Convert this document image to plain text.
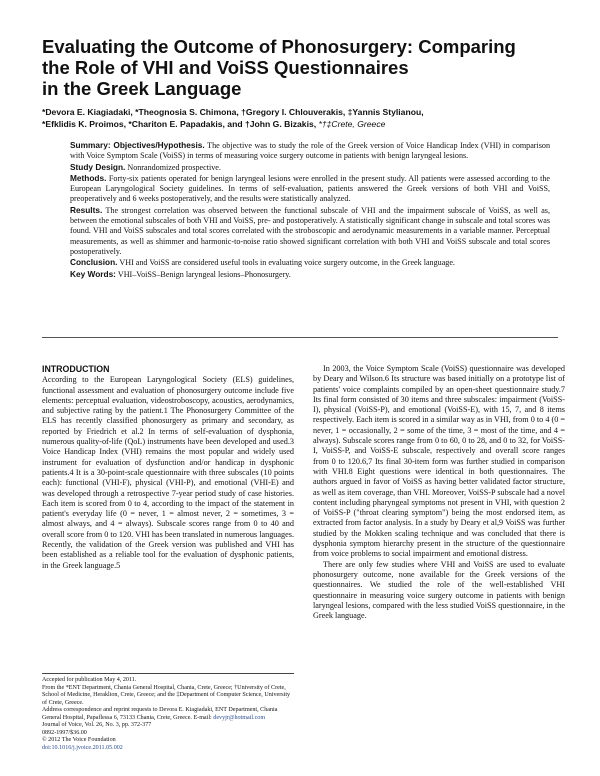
Evaluating the Outcome of Phonosurgery: Comparing
the Role of VHI and VoiSS Questionnaires
in the Greek Language
*Devora E. Kiagiadaki, *Theognosia S. Chimona, †Gregory I. Chlouverakis, ‡Yannis Stylianou,
*Efklidis K. Proimos, *Chariton E. Papadakis, and †John G. Bizakis, *†‡Crete, Greece

Summary: Objectives/Hypothesis. The objective was to study the role of the Greek version of Voice Handicap Index (VHI) in comparison with Voice Symptom Scale (VoiSS) in terms of measuring voice surgery outcome in patients with benign laryngeal lesions.

Study Design. Nonrandomized prospective.

Methods. Forty-six patients operated for benign laryngeal lesions were enrolled in the present study. All patients were assessed according to the European Laryngological Society guidelines. In terms of self-evaluation, patients answered the Greek versions of both VHI and VoiSS, preoperatively and 6 weeks postoperatively, and the results were statistically analyzed.

Results. The strongest correlation was observed between the functional subscale of VHI and the impairment subscale of VoiSS, as well as, between the emotional subscales of both VHI and VoiSS, pre- and postoperatively. A statistically significant change in subscale and total scores was found. VHI and VoiSS subscales and total scores correlated with the stroboscopic and aerodynamic measurements in a variable manner. Perceptual measurements, as well as shimmer and harmonic-to-noise ratio showed significant correlation with both VHI and VoiSS subscale and total scores postoperatively.

Conclusion. VHI and VoiSS are considered useful tools in evaluating voice surgery outcome, in the Greek language.

Key Words: VHI–VoiSS–Benign laryngeal lesions–Phonosurgery.

INTRODUCTION

According to the European Laryngological Society (ELS) guidelines, functional assessment and evaluation of phonosurgery outcome include five elements: perceptual evaluation, videostroboscopy, acoustics, aerodynamics, and subjective rating by the patient.1 The Phonosurgery Committee of the ELS has recently classified phonosurgery as primary and secondary, as reported by Friedrich et al.2 In terms of self-evaluation of dysphonia, numerous quality-of-life (QoL) instruments have been developed and used.3 Voice Handicap Index (VHI) remains the most popular and widely used instrument for evaluation of dysfunction and/or handicap in dysphonic patients.4 It is a 30-point-scale questionnaire with three subscales (10 points each): functional (VHI-F), physical (VHI-P), and emotional (VHI-E) and was developed through a retrospective 7-year period study of case histories. Each item is scored from 0 to 4, according to the impact of the statement in patient's everyday life (0 = never, 1 = almost never, 2 = sometimes, 3 = almost always, and 4 = always). Subscale scores range from 0 to 40 and overall score from 0 to 120. VHI has been translated in numerous languages. Recently, the validation of the Greek version was published and VHI has been established as a reliable tool for the evaluation of dysphonic patients, in the Greek language.5

In 2003, the Voice Symptom Scale (VoiSS) questionnaire was developed by Deary and Wilson.6 Its structure was based initially on a prototype list of patients' voice complaints compiled by an open-sheet questionnaire study.7 Its final form consisted of 30 items and three subscales: impairment (VoiSS-I), physical (VoiSS-P), and emotional (VoiSS-E), with 15, 7, and 8 items respectively. Each item is scored in a similar way as in VHI, from 0 to 4 (0 = never, 1 = occasionally, 2 = some of the time, 3 = most of the time, and 4 = always). Subscale scores range from 0 to 60, 0 to 28, and 0 to 32, for VoiSS-I, VoiSS-P, and VoiSS-E subscale, respectively and overall score ranges from 0 to 120.6,7 Its final 30-item form was further studied in comparison with VHI.8 Eight questions were identical in both questionnaires. The authors argued in favor of VoiSS as having better validated factor structure, as well as item coverage, than VHI. Moreover, VoiSS-P subscale had a novel content including pharyngeal symptoms not present in VHI, with question 2 of VoiSS-P ("throat clearing symptom") being the most endorsed item, as extracted from factor analysis. In a study by Deary et al,9 VoiSS was further studied by the Mokken scaling technique and was concluded that there is dysphonia symptom hierarchy present in the structure of the questionnaire from voice problems to social impairment and emotional distress.

There are only few studies where VHI and VoiSS are used to evaluate phonosurgery outcome, none available for the Greek versions of the questionnaires. We studied the role of the well-established VHI questionnaire in measuring voice surgery outcome in patients with benign laryngeal lesions, compared with the less studied VoiSS questionnaire, in the Greek language.

Accepted for publication May 4, 2011.

From the *ENT Department, Chania General Hospital, Chania, Crete, Greece; †University of Crete, School of Medicine, Heraklion, Crete, Greece; and the ‡Department of Computer Science, University of Crete, Greece.

Address correspondence and reprint requests to Devora E. Kiagiadaki, ENT Department, Chania General Hospital, Papaflessa 6, 73133 Chania, Crete, Greece. E-mail: devyjr@hotmail.com

Journal of Voice, Vol. 26, No. 3, pp. 372-377

0892-1997/$36.00

© 2012 The Voice Foundation

doi:10.1016/j.jvoice.2011.05.002
